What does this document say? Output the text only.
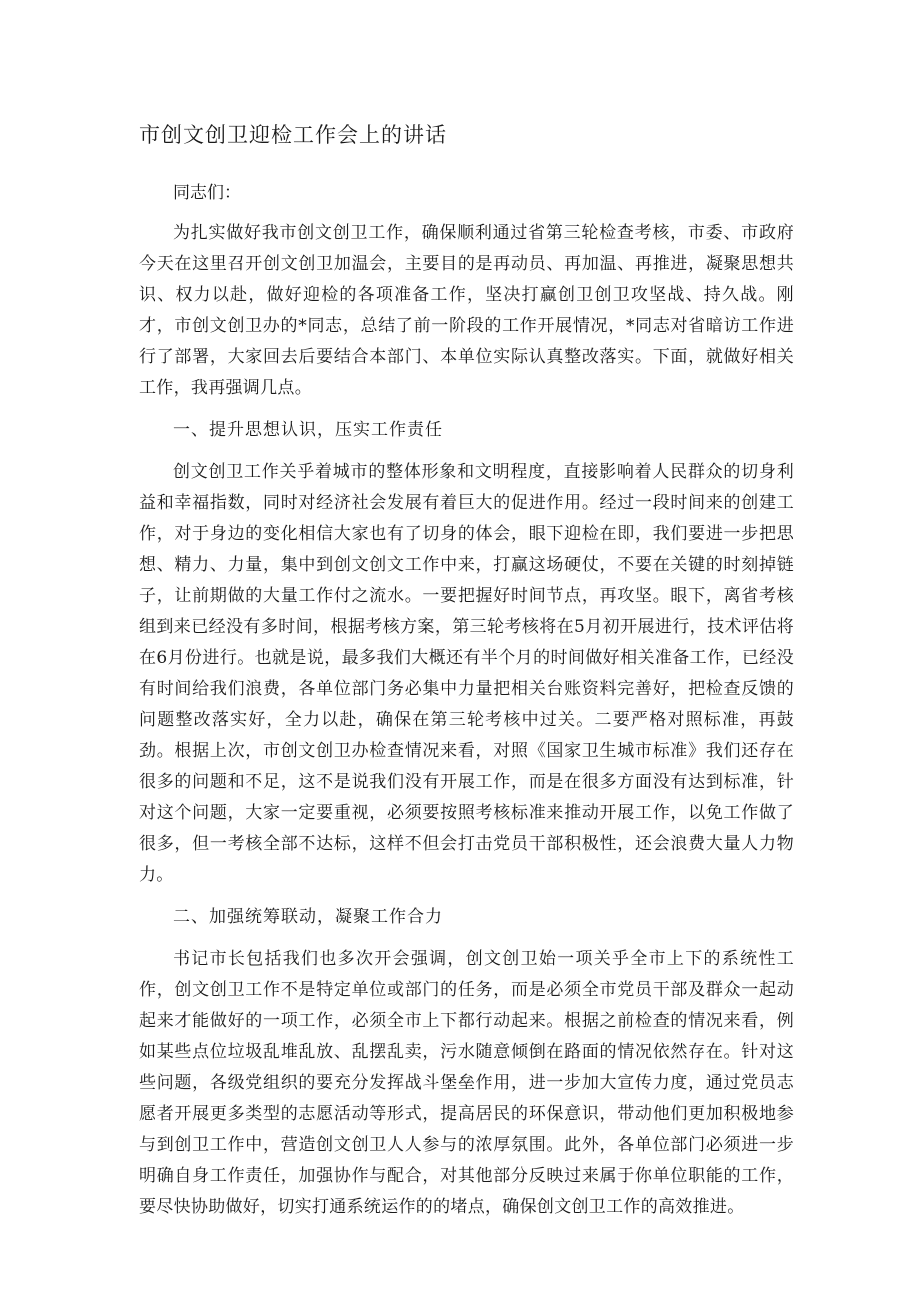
市创文创卫迎检工作会上的讲话

同志们：

为扎实做好我市创文创卫工作，确保顺利通过省第三轮检查考核，市委、市政府今天在这里召开创文创卫加温会，主要目的是再动员、再加温、再推进，凝聚思想共识、权力以赴，做好迎检的各项准备工作，坚决打赢创卫创卫攻坚战、持久战。刚才，市创文创卫办的*同志，总结了前一阶段的工作开展情况，*同志对省暗访工作进行了部署，大家回去后要结合本部门、本单位实际认真整改落实。下面，就做好相关工作，我再强调几点。

一、提升思想认识，压实工作责任

创文创卫工作关乎着城市的整体形象和文明程度，直接影响着人民群众的切身利益和幸福指数，同时对经济社会发展有着巨大的促进作用。经过一段时间来的创建工作，对于身边的变化相信大家也有了切身的体会，眼下迎检在即，我们要进一步把思想、精力、力量，集中到创文创文工作中来，打赢这场硬仗，不要在关键的时刻掉链子，让前期做的大量工作付之流水。一要把握好时间节点，再攻坚。眼下，离省考核组到来已经没有多时间，根据考核方案，第三轮考核将在5月初开展进行，技术评估将在6月份进行。也就是说，最多我们大概还有半个月的时间做好相关准备工作，已经没有时间给我们浪费，各单位部门务必集中力量把相关台账资料完善好，把检查反馈的问题整改落实好，全力以赴，确保在第三轮考核中过关。二要严格对照标准，再鼓劲。根据上次，市创文创卫办检查情况来看，对照《国家卫生城市标准》我们还存在很多的问题和不足，这不是说我们没有开展工作，而是在很多方面没有达到标准，针对这个问题，大家一定要重视，必须要按照考核标准来推动开展工作，以免工作做了很多，但一考核全部不达标，这样不但会打击党员干部积极性，还会浪费大量人力物力。

二、加强统筹联动，凝聚工作合力

书记市长包括我们也多次开会强调，创文创卫始一项关乎全市上下的系统性工作，创文创卫工作不是特定单位或部门的任务，而是必须全市党员干部及群众一起动起来才能做好的一项工作，必须全市上下都行动起来。根据之前检查的情况来看，例如某些点位垃圾乱堆乱放、乱摆乱卖，污水随意倾倒在路面的情况依然存在。针对这些问题，各级党组织的要充分发挥战斗堡垒作用，进一步加大宣传力度，通过党员志愿者开展更多类型的志愿活动等形式，提高居民的环保意识，带动他们更加积极地参与到创卫工作中，营造创文创卫人人参与的浓厚氛围。此外，各单位部门必须进一步明确自身工作责任，加强协作与配合，对其他部分反映过来属于你单位职能的工作，要尽快协助做好，切实打通系统运作的的堵点，确保创文创卫工作的高效推进。
